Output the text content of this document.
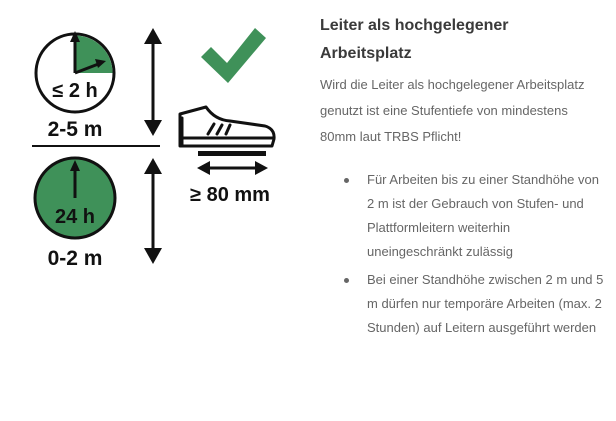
≤ 2 h
2-5 m
24 h
0-2 m
≥ 80 mm
Leiter als hochgelegener
Arbeitsplatz

Wird die Leiter als hochgelegener Arbeitsplatz genutzt ist eine Stufentiefe von mindestens 80mm laut TRBS Pflicht!

Für Arbeiten bis zu einer Standhöhe von 2 m ist der Gebrauch von Stufen- und Plattformleitern weiterhin uneingeschränkt zulässig
Bei einer Standhöhe zwischen 2 m und 5 m dürfen nur temporäre Arbeiten (max. 2 Stunden) auf Leitern ausgeführt werden
